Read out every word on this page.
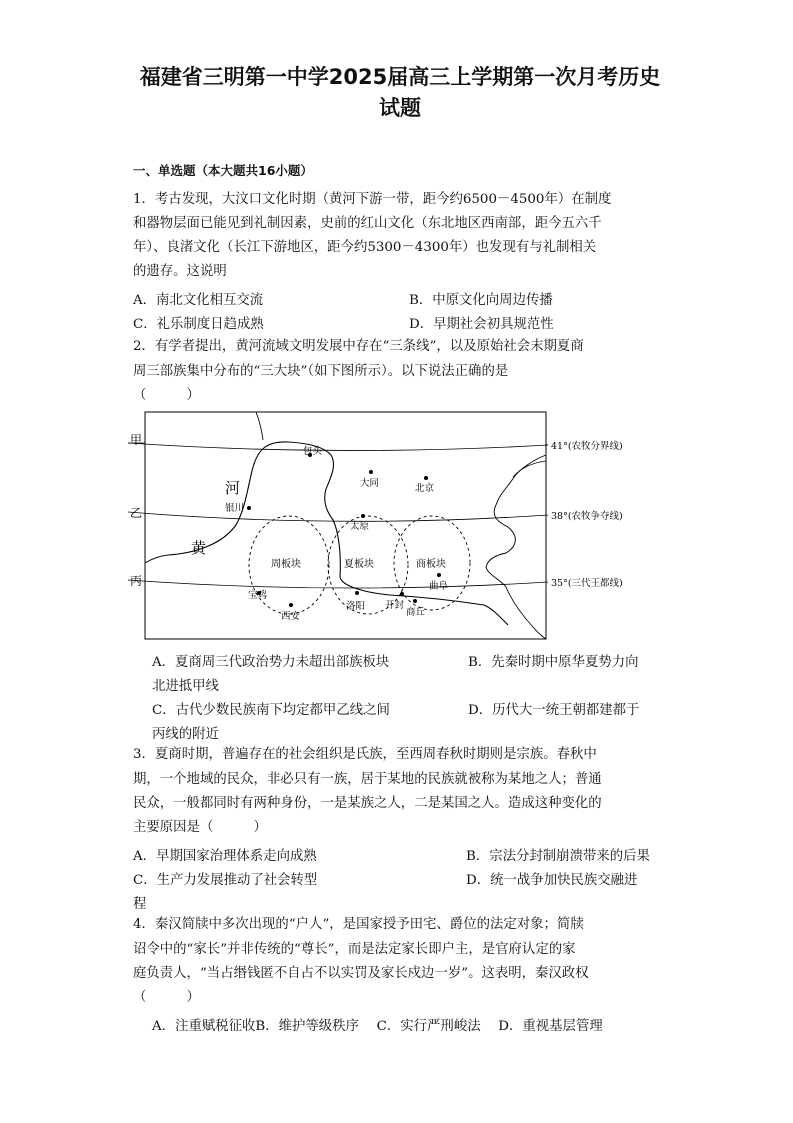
福建省三明第一中学2025届高三上学期第一次月考历史
试题
一、单选题（本大题共16小题）
1．考古发现，大汶口文化时期（黄河下游一带，距今约6500－4500年）在制度
和器物层面已能见到礼制因素，史前的红山文化（东北地区西南部，距今五六千
年）、良渚文化（长江下游地区，距今约5300－4300年）也发现有与礼制相关
的遗存。这说明
A．南北文化相互交流	B．中原文化向周边传播
C．礼乐制度日趋成熟	D．早期社会初具规范性
2．有学者提出，黄河流域文明发展中存在“三条线”，以及原始社会末期夏商
周三部族集中分布的“三大块”（如下图所示）。以下说法正确的是
（　　　）
甲
乙
丙
41°(农牧分界线)
38°(农牧争夺线)
35°(三代王都线)
河
黄
周板块	夏板块	商板块
包头
大同	北京
银川
太原
曲阜
宝鸡
西安
洛阳 开封
商丘
A．夏商周三代政治势力未超出部族板块	B．先秦时期中原华夏势力向
北进抵甲线
C．古代少数民族南下均定都甲乙线之间	D．历代大一统王朝都建都于
丙线的附近
3．夏商时期，普遍存在的社会组织是氏族，至西周春秋时期则是宗族。春秋中
期，一个地域的民众，非必只有一族，居于某地的民族就被称为某地之人；普通
民众，一般都同时有两种身份，一是某族之人，二是某国之人。造成这种变化的
主要原因是（　　　）
A．早期国家治理体系走向成熟	B．宗法分封制崩溃带来的后果
C．生产力发展推动了社会转型	D．统一战争加快民族交融进
程
4．秦汉简牍中多次出现的“户人”，是国家授予田宅、爵位的法定对象；简牍
诏令中的“家长”并非传统的“尊长”，而是法定家长即户主，是官府认定的家
庭负责人，“当占缗钱匿不自占不以实罚及家长戍边一岁”。这表明，秦汉政权
（　　　）
A．注重赋税征收B．维护等级秩序　 C．实行严刑峻法　 D．重视基层管理
